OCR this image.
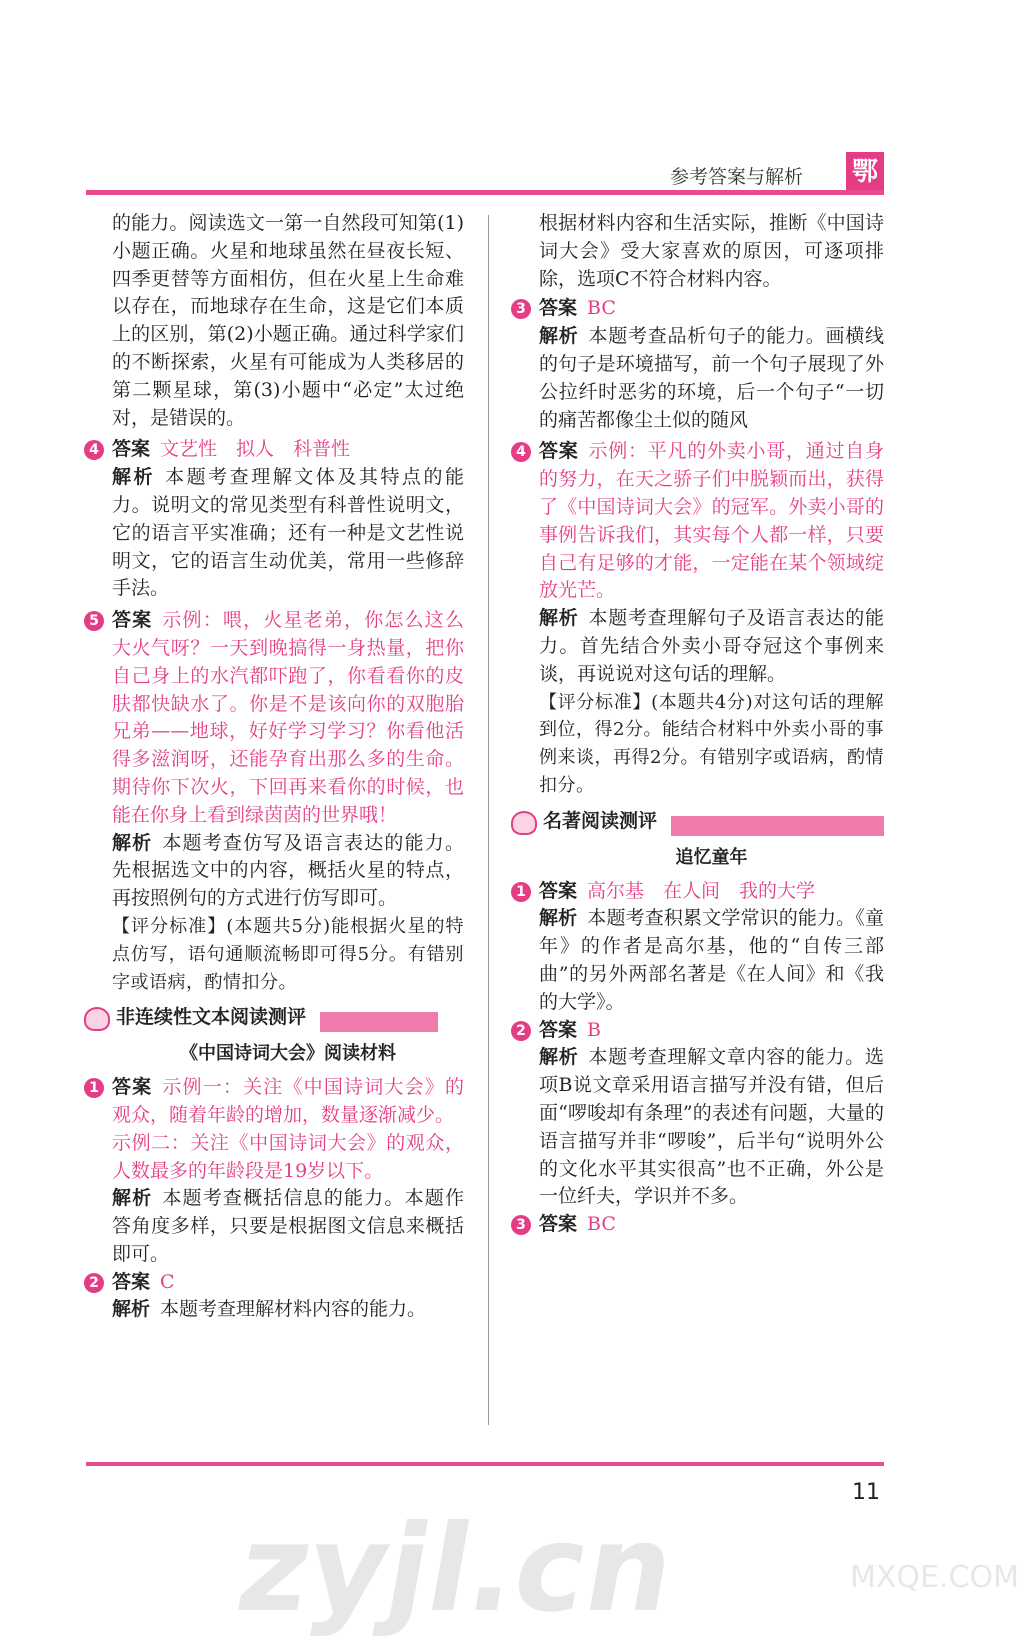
参考答案与解析 鄂

的能力。阅读选文一第一自然段可知第(1)小题正确。火星和地球虽然在昼夜长短、四季更替等方面相仿，但在火星上生命难以存在，而地球存在生命，这是它们本质上的区别，第(2)小题正确。通过科学家们的不断探索，火星有可能成为人类移居的第二颗星球，第(3)小题中“必定”太过绝对，是错误的。

4 答案 文艺性　拟人　科普性
解析 本题考查理解文体及其特点的能力。说明文的常见类型有科普性说明文，它的语言平实准确；还有一种是文艺性说明文，它的语言生动优美，常用一些修辞手法。
5 答案 示例：喂，火星老弟，你怎么这么大火气呀？一天到晚搞得一身热量，把你自己身上的水汽都吓跑了，你看看你的皮肤都快缺水了。你是不是该向你的双胞胎兄弟——地球，好好学习学习？你看他活得多滋润呀，还能孕育出那么多的生命。期待你下次火，下回再来看你的时候，也能在你身上看到绿茵茵的世界哦！
解析 本题考查仿写及语言表达的能力。先根据选文中的内容，概括火星的特点，再按照例句的方式进行仿写即可。
【评分标准】(本题共5分)能根据火星的特点仿写，语句通顺流畅即可得5分。有错别字或语病，酌情扣分。
非连续性文本阅读测评
《中国诗词大会》阅读材料
1 答案 示例一：关注《中国诗词大会》的观众，随着年龄的增加，数量逐渐减少。
示例二：关注《中国诗词大会》的观众，人数最多的年龄段是19岁以下。
解析 本题考查概括信息的能力。本题作答角度多样，只要是根据图文信息来概括即可。
2 答案 C
解析 本题考查理解材料内容的能力。

根据材料内容和生活实际，推断《中国诗词大会》受大家喜欢的原因，可逐项排除，选项C不符合材料内容。

3 答案 BC
解析 本题考查品析句子的能力。画横线的句子是环境描写，前一个句子展现了外公拉纤时恶劣的环境，后一个句子“一切的痛苦都像尘土似的随风
4 答案 示例：平凡的外卖小哥，通过自身的努力，在天之骄子们中脱颖而出，获得了《中国诗词大会》的冠军。外卖小哥的事例告诉我们，其实每个人都一样，只要自己有足够的才能，一定能在某个领域绽放光芒。
解析 本题考查理解句子及语言表达的能力。首先结合外卖小哥夺冠这个事例来谈，再说说对这句话的理解。
【评分标准】(本题共4分)对这句话的理解到位，得2分。能结合材料中外卖小哥的事例来谈，再得2分。有错别字或语病，酌情扣分。
名著阅读测评
追忆童年
1 答案 高尔基　在人间　我的大学
解析 本题考查积累文学常识的能力。《童年》的作者是高尔基，他的“自传三部曲”的另外两部名著是《在人间》和《我的大学》。
2 答案 B
解析 本题考查理解文章内容的能力。选项B说文章采用语言描写并没有错，但后面“啰唆却有条理”的表述有问题，大量的语言描写并非“啰唆”，后半句“说明外公的文化水平其实很高”也不正确，外公是一位纤夫，学识并不多。
3 答案 BC
11
zyjl.cn	MXQE.COM
